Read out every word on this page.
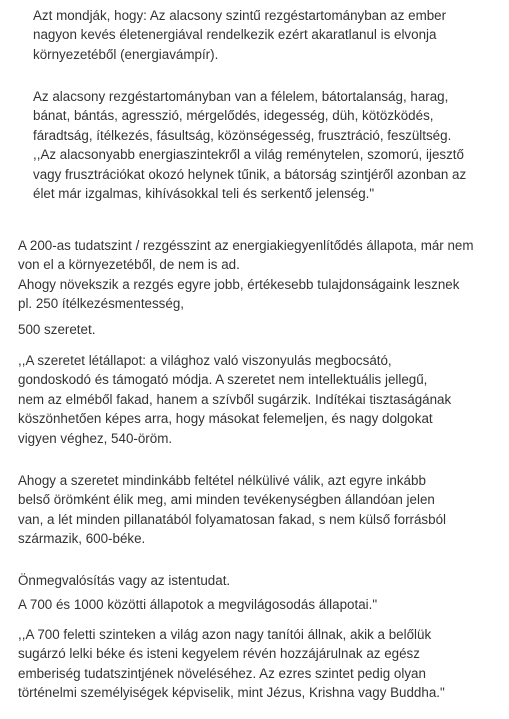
Azt mondják, hogy: Az alacsony szintű rezgéstartományban az ember
nagyon kevés életenergiával rendelkezik ezért akaratlanul is elvonja
környezetéből (energiavámpír).

Az alacsony rezgéstartományban van a félelem, bátortalanság, harag,
bánat, bántás, agresszió, mérgelődés, idegesség, düh, kötözködés,
fáradtság, ítélkezés, fásultság, közönségesség, frusztráció, feszültség.
,,Az alacsonyabb energiaszintekről a világ reménytelen, szomorú, ijesztő
vagy frusztrációkat okozó helynek tűnik, a bátorság szintjéről azonban az
élet már izgalmas, kihívásokkal teli és serkentő jelenség."

A 200-as tudatszint / rezgésszint az energiakiegyenlítődés állapota, már nem
von el a környezetéből, de nem is ad.
Ahogy növekszik a rezgés egyre jobb, értékesebb tulajdonságaink lesznek
pl. 250 ítélkezésmentesség,

500 szeretet.

,,A szeretet létállapot: a világhoz való viszonyulás megbocsátó,
gondoskodó és támogató módja. A szeretet nem intellektuális jellegű,
nem az elméből fakad, hanem a szívből sugárzik. Indítékai tisztaságának
köszönhetően képes arra, hogy másokat felemeljen, és nagy dolgokat
vigyen véghez, 540-öröm.

Ahogy a szeretet mindinkább feltétel nélkülivé válik, azt egyre inkább
belső örömként élik meg, ami minden tevékenységben állandóan jelen
van, a lét minden pillanatából folyamatosan fakad, s nem külső forrásból
származik, 600-béke.

Önmegvalósítás vagy az istentudat.

A 700 és 1000 közötti állapotok a megvilágosodás állapotai."

,,A 700 feletti szinteken a világ azon nagy tanítói állnak, akik a belőlük
sugárzó lelki béke és isteni kegyelem révén hozzájárulnak az egész
emberiség tudatszintjének növeléséhez. Az ezres szintet pedig olyan
történelmi személyiségek képviselik, mint Jézus, Krishna vagy Buddha."
